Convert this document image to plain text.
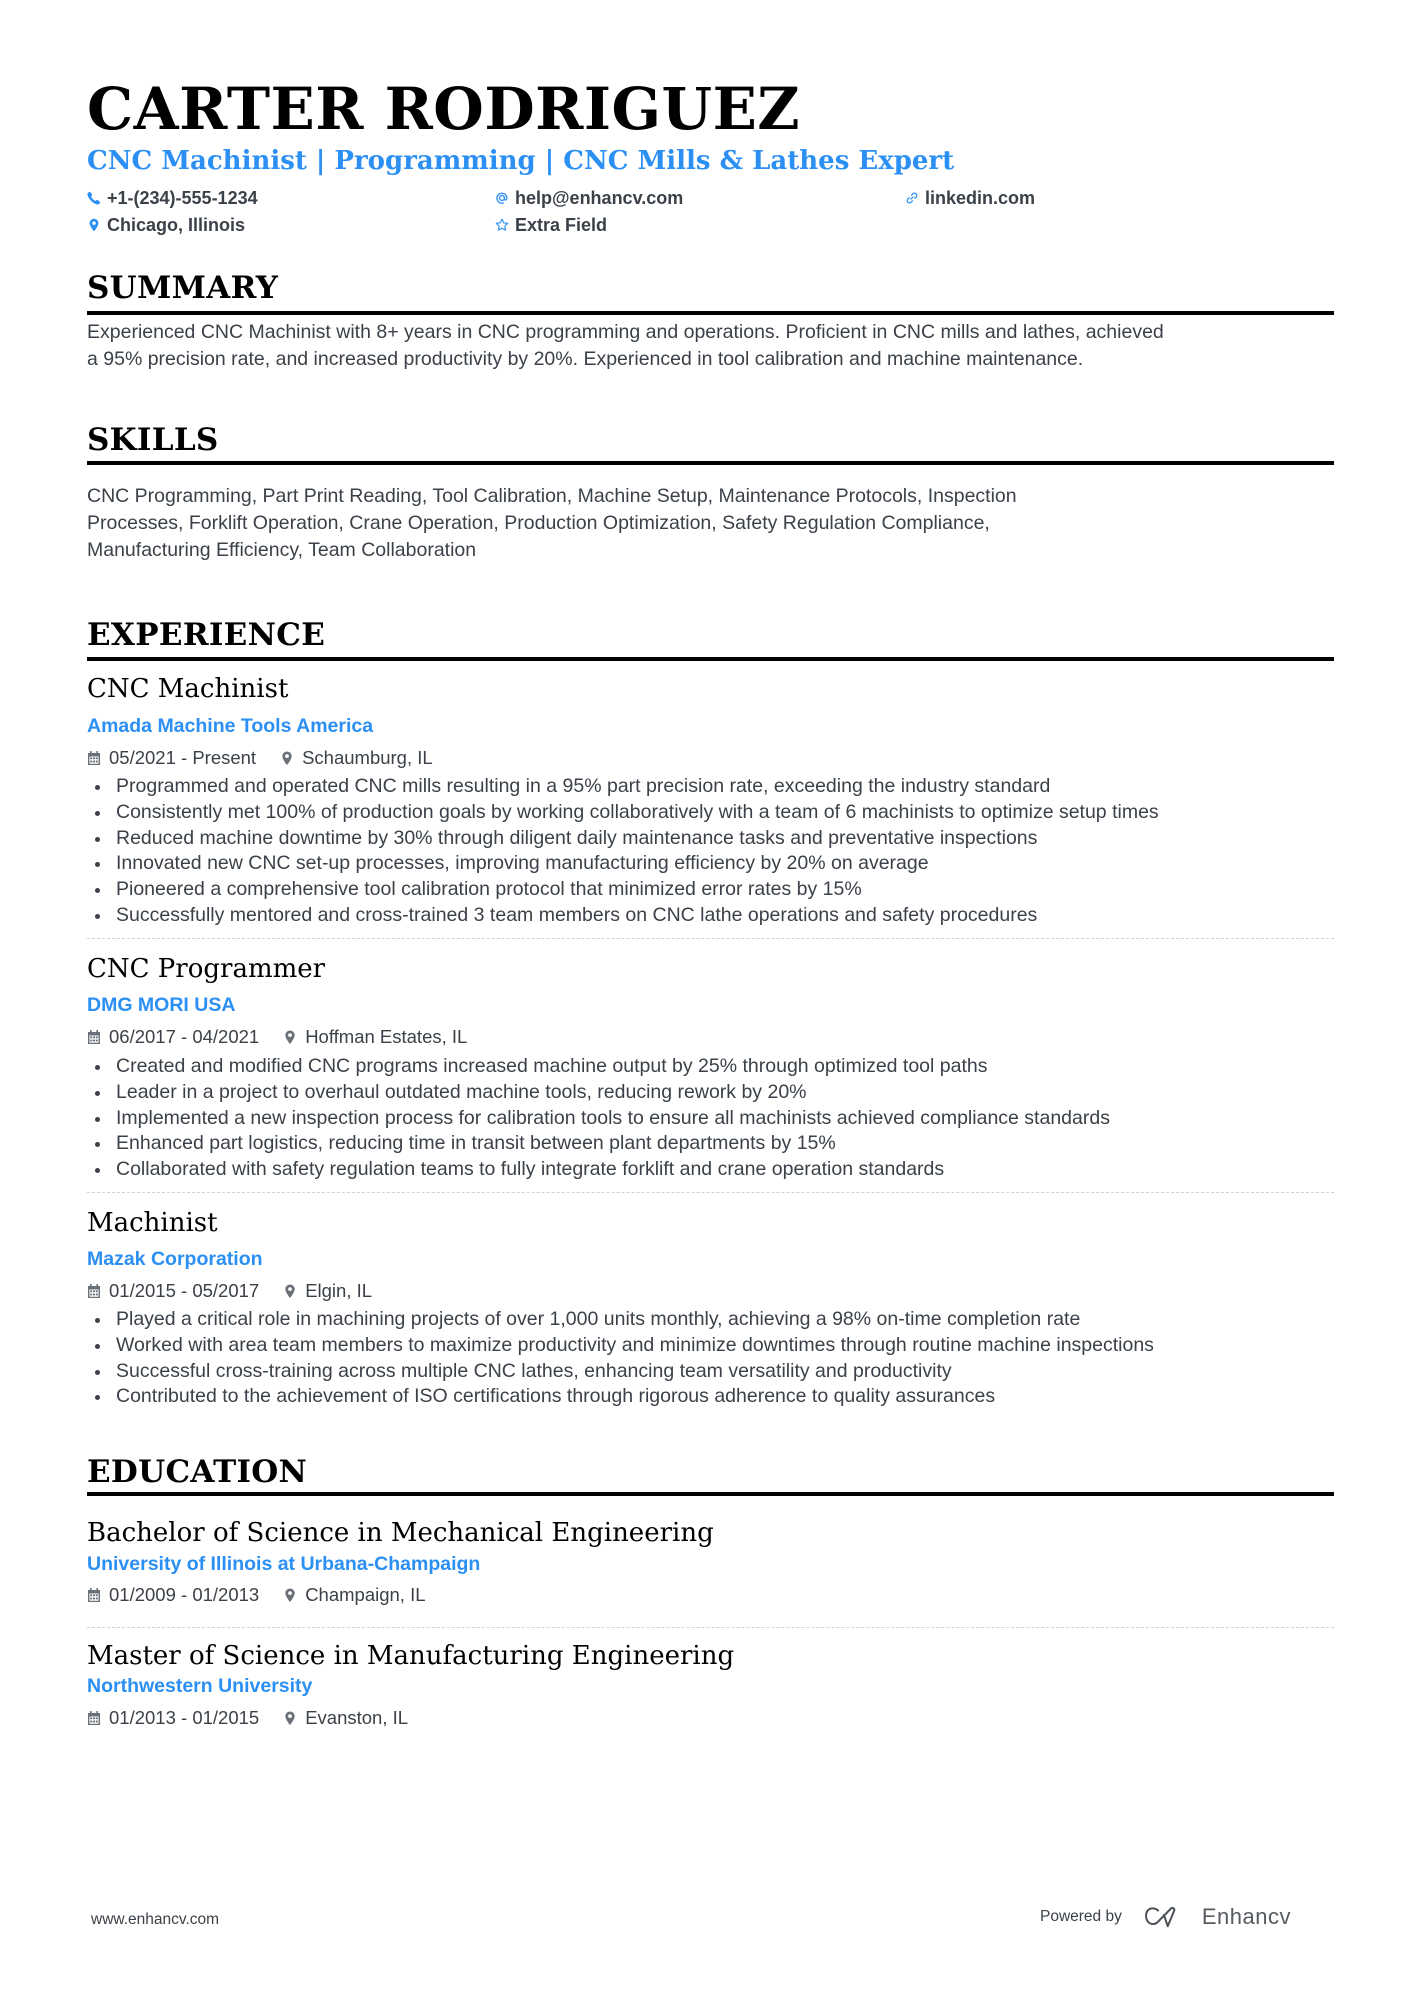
CARTER RODRIGUEZ
CNC Machinist | Programming | CNC Mills & Lathes Expert
+1-(234)-555-1234	help@enhancv.com	linkedin.com
Chicago, Illinois	Extra Field
SUMMARY

Experienced CNC Machinist with 8+ years in CNC programming and operations. Proficient in CNC mills and lathes, achieved

a 95% precision rate, and increased productivity by 20%. Experienced in tool calibration and machine maintenance.

SKILLS

CNC Programming, Part Print Reading, Tool Calibration, Machine Setup, Maintenance Protocols, Inspection

Processes, Forklift Operation, Crane Operation, Production Optimization, Safety Regulation Compliance,

Manufacturing Efficiency, Team Collaboration

EXPERIENCE
CNC Machinist
Amada Machine Tools America
05/2021 - Present Schaumburg, IL
Programmed and operated CNC mills resulting in a 95% part precision rate, exceeding the industry standard
Consistently met 100% of production goals by working collaboratively with a team of 6 machinists to optimize setup times
Reduced machine downtime by 30% through diligent daily maintenance tasks and preventative inspections
Innovated new CNC set-up processes, improving manufacturing efficiency by 20% on average
Pioneered a comprehensive tool calibration protocol that minimized error rates by 15%
Successfully mentored and cross-trained 3 team members on CNC lathe operations and safety procedures
CNC Programmer
DMG MORI USA
06/2017 - 04/2021 Hoffman Estates, IL
Created and modified CNC programs increased machine output by 25% through optimized tool paths
Leader in a project to overhaul outdated machine tools, reducing rework by 20%
Implemented a new inspection process for calibration tools to ensure all machinists achieved compliance standards
Enhanced part logistics, reducing time in transit between plant departments by 15%
Collaborated with safety regulation teams to fully integrate forklift and crane operation standards
Machinist
Mazak Corporation
01/2015 - 05/2017 Elgin, IL
Played a critical role in machining projects of over 1,000 units monthly, achieving a 98% on-time completion rate
Worked with area team members to maximize productivity and minimize downtimes through routine machine inspections
Successful cross-training across multiple CNC lathes, enhancing team versatility and productivity
Contributed to the achievement of ISO certifications through rigorous adherence to quality assurances
EDUCATION
Bachelor of Science in Mechanical Engineering
University of Illinois at Urbana-Champaign
01/2009 - 01/2013 Champaign, IL
Master of Science in Manufacturing Engineering
Northwestern University
01/2013 - 01/2015 Evanston, IL
www.enhancv.com	Powered by	Enhancv
